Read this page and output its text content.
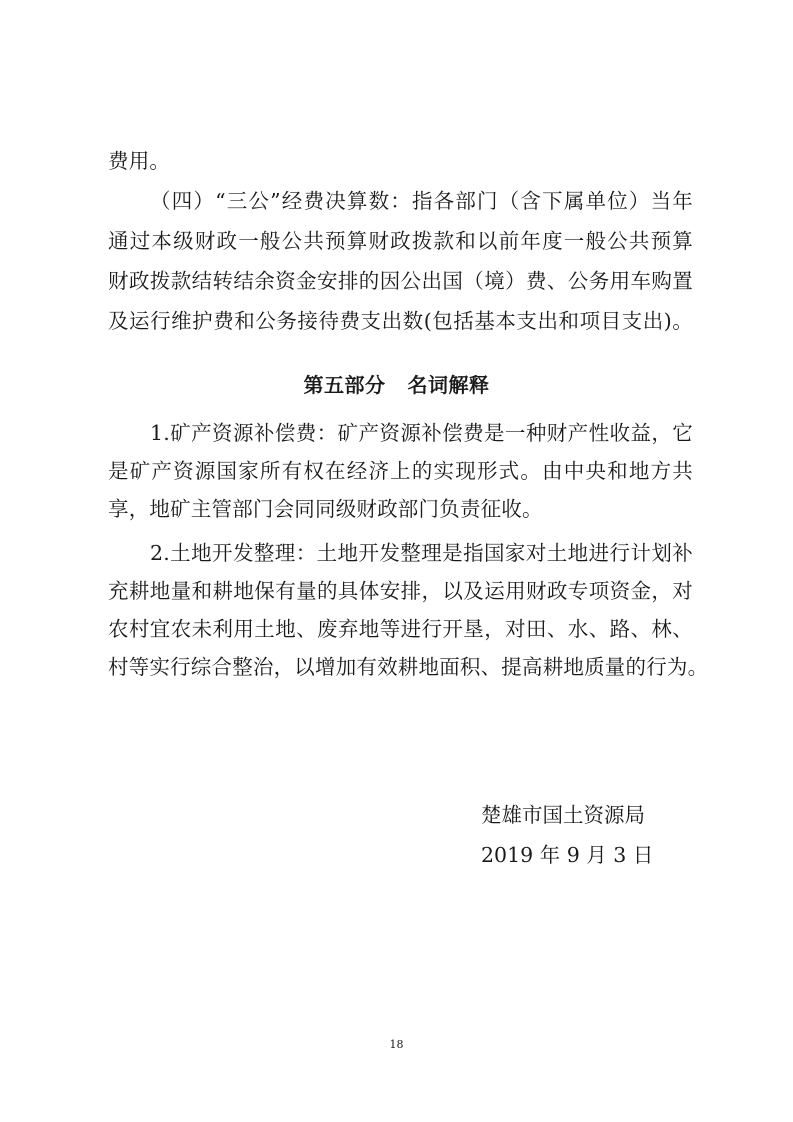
费用。
（四）“三公”经费决算数：指各部门（含下属单位）当年
通过本级财政一般公共预算财政拨款和以前年度一般公共预算
财政拨款结转结余资金安排的因公出国（境）费、公务用车购置
及运行维护费和公务接待费支出数(包括基本支出和项目支出)。
第五部分 名词解释
1.矿产资源补偿费：矿产资源补偿费是一种财产性收益，它
是矿产资源国家所有权在经济上的实现形式。由中央和地方共
享，地矿主管部门会同同级财政部门负责征收。
2.土地开发整理：土地开发整理是指国家对土地进行计划补
充耕地量和耕地保有量的具体安排，以及运用财政专项资金，对
农村宜农未利用土地、废弃地等进行开垦，对田、水、路、林、
村等实行综合整治，以增加有效耕地面积、提高耕地质量的行为。
楚雄市国土资源局
2019 年 9 月 3 日
18
